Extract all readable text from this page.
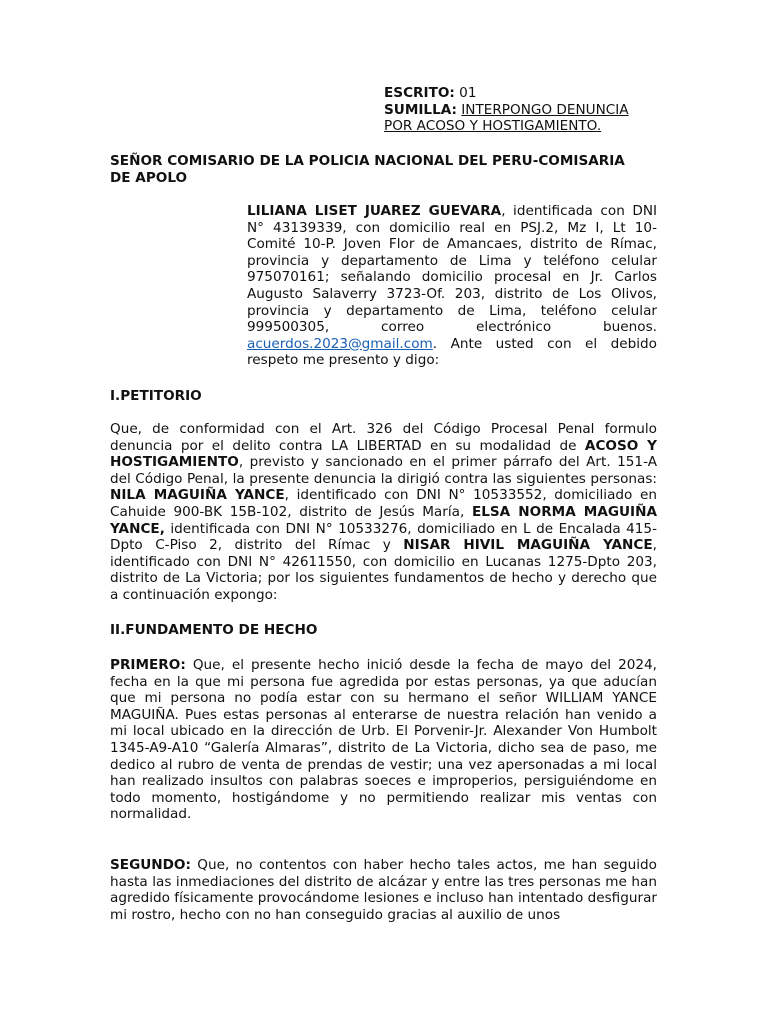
ESCRITO: 01
SUMILLA: INTERPONGO DENUNCIA
POR ACOSO Y HOSTIGAMIENTO.
SEÑOR COMISARIO DE LA POLICIA NACIONAL DEL PERU-COMISARIA DE APOLO
LILIANA LISET JUAREZ GUEVARA, identificada con DNI N° 43139339, con domicilio real en PSJ.2, Mz I, Lt 10-Comité 10-P. Joven Flor de Amancaes, distrito de Rímac, provincia y departamento de Lima y teléfono celular 975070161; señalando domicilio procesal en Jr. Carlos Augusto Salaverry 3723-Of. 203, distrito de Los Olivos, provincia y departamento de Lima, teléfono celular 999500305, correo electrónico buenos. acuerdos.2023@gmail.com. Ante usted con el debido respeto me presento y digo:
I.PETITORIO
Que, de conformidad con el Art. 326 del Código Procesal Penal formulo denuncia por el delito contra LA LIBERTAD en su modalidad de ACOSO Y HOSTIGAMIENTO, previsto y sancionado en el primer párrafo del Art. 151-A del Código Penal, la presente denuncia la dirigió contra las siguientes personas: NILA MAGUIÑA YANCE, identificado con DNI N° 10533552, domiciliado en Cahuide 900-BK 15B-102, distrito de Jesús María, ELSA NORMA MAGUIÑA YANCE, identificada con DNI N° 10533276, domiciliado en L de Encalada 415-Dpto C-Piso 2, distrito del Rímac y NISAR HIVIL MAGUIÑA YANCE, identificado con DNI N° 42611550, con domicilio en Lucanas 1275-Dpto 203, distrito de La Victoria; por los siguientes fundamentos de hecho y derecho que a continuación expongo:
II.FUNDAMENTO DE HECHO
PRIMERO: Que, el presente hecho inició desde la fecha de mayo del 2024, fecha en la que mi persona fue agredida por estas personas, ya que aducían que mi persona no podía estar con su hermano el señor WILLIAM YANCE MAGUIÑA. Pues estas personas al enterarse de nuestra relación han venido a mi local ubicado en la dirección de Urb. El Porvenir-Jr. Alexander Von Humbolt 1345-A9-A10 “Galería Almaras”, distrito de La Victoria, dicho sea de paso, me dedico al rubro de venta de prendas de vestir; una vez apersonadas a mi local han realizado insultos con palabras soeces e improperios, persiguiéndome en todo momento, hostigándome y no permitiendo realizar mis ventas con normalidad.
SEGUNDO: Que, no contentos con haber hecho tales actos, me han seguido hasta las inmediaciones del distrito de alcázar y entre las tres personas me han agredido físicamente provocándome lesiones e incluso han intentado desfigurar mi rostro, hecho con no han conseguido gracias al auxilio de unos
